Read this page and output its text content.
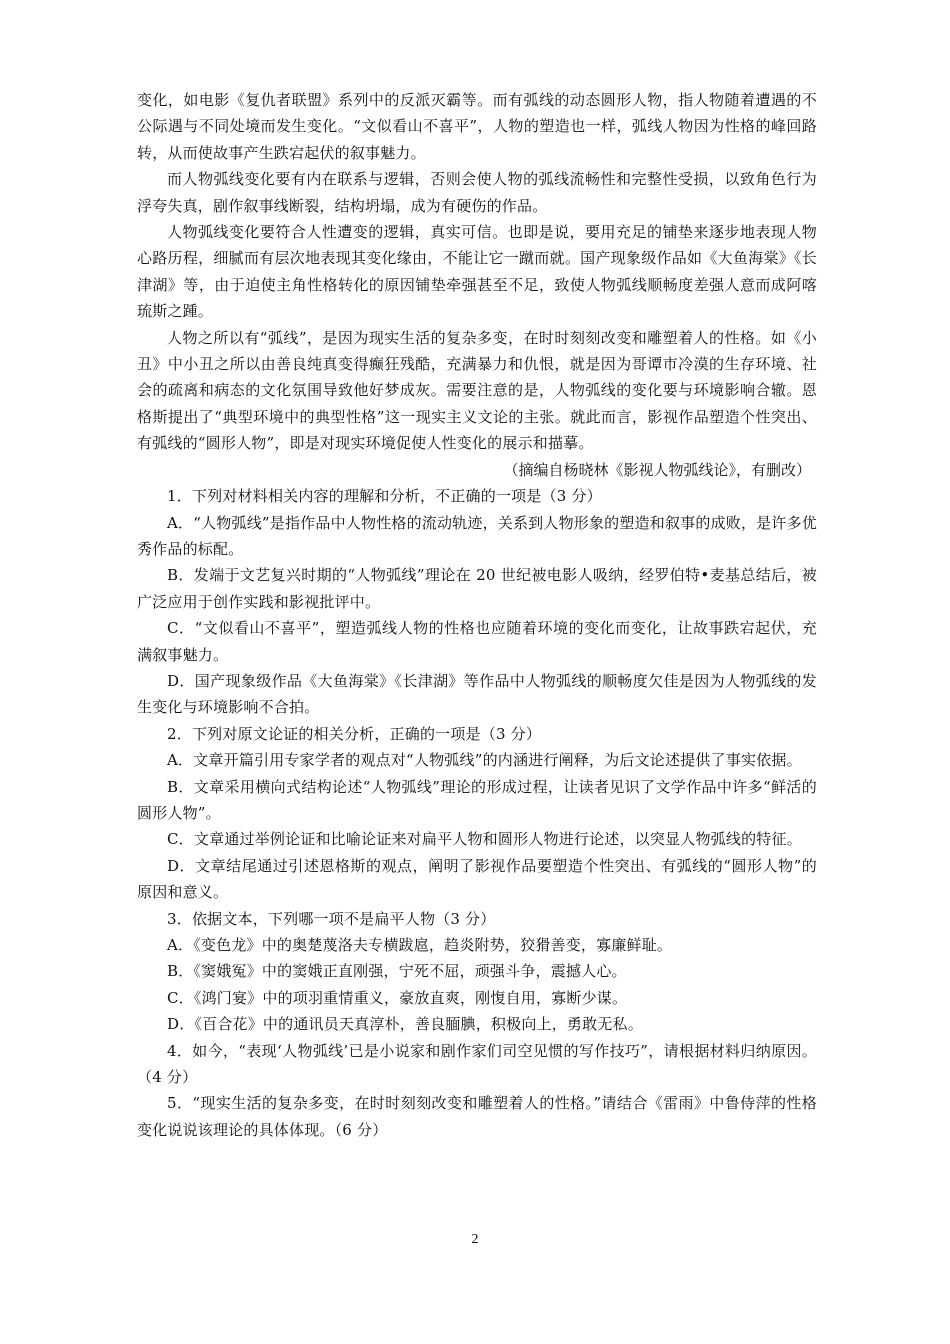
变化，如电影《复仇者联盟》系列中的反派灭霸等。而有弧线的动态圆形人物，指人物随着遭遇的不公际遇与不同处境而发生变化。“文似看山不喜平”，人物的塑造也一样，弧线人物因为性格的峰回路转，从而使故事产生跌宕起伏的叙事魅力。

而人物弧线变化要有内在联系与逻辑，否则会使人物的弧线流畅性和完整性受损，以致角色行为浮夸失真，剧作叙事线断裂，结构坍塌，成为有硬伤的作品。

人物弧线变化要符合人性遭变的逻辑，真实可信。也即是说，要用充足的铺垫来逐步地表现人物心路历程，细腻而有层次地表现其变化缘由，不能让它一蹴而就。国产现象级作品如《大鱼海棠》《长津湖》等，由于迫使主角性格转化的原因铺垫牵强甚至不足，致使人物弧线顺畅度差强人意而成阿喀琉斯之踵。

人物之所以有“弧线”，是因为现实生活的复杂多变，在时时刻刻改变和雕塑着人的性格。如《小丑》中小丑之所以由善良纯真变得癫狂残酷，充满暴力和仇恨，就是因为哥谭市冷漠的生存环境、社会的疏离和病态的文化氛围导致他好梦成灰。需要注意的是，人物弧线的变化要与环境影响合辙。恩格斯提出了“典型环境中的典型性格”这一现实主义文论的主张。就此而言，影视作品塑造个性突出、有弧线的“圆形人物”，即是对现实环境促使人性变化的展示和描摹。

（摘编自杨晓林《影视人物弧线论》，有删改）

1．下列对材料相关内容的理解和分析，不正确的一项是（3 分）

A．“人物弧线”是指作品中人物性格的流动轨迹，关系到人物形象的塑造和叙事的成败，是许多优秀作品的标配。

B．发端于文艺复兴时期的“人物弧线”理论在 20 世纪被电影人吸纳，经罗伯特•麦基总结后，被广泛应用于创作实践和影视批评中。

C．“文似看山不喜平”，塑造弧线人物的性格也应随着环境的变化而变化，让故事跌宕起伏，充满叙事魅力。

D．国产现象级作品《大鱼海棠》《长津湖》等作品中人物弧线的顺畅度欠佳是因为人物弧线的发生变化与环境影响不合拍。

2．下列对原文论证的相关分析，正确的一项是（3 分）

A．文章开篇引用专家学者的观点对“人物弧线”的内涵进行阐释，为后文论述提供了事实依据。

B．文章采用横向式结构论述“人物弧线”理论的形成过程，让读者见识了文学作品中许多“鲜活的圆形人物”。

C．文章通过举例论证和比喻论证来对扁平人物和圆形人物进行论述，以突显人物弧线的特征。

D．文章结尾通过引述恩格斯的观点，阐明了影视作品要塑造个性突出、有弧线的“圆形人物”的原因和意义。

3．依据文本，下列哪一项不是扁平人物（3 分）

A．《变色龙》中的奥楚蔑洛夫专横跋扈，趋炎附势，狡猾善变，寡廉鲜耻。

B．《窦娥冤》中的窦娥正直刚强，宁死不屈，顽强斗争，震撼人心。

C．《鸿门宴》中的项羽重情重义，豪放直爽，刚愎自用，寡断少谋。

D．《百合花》中的通讯员天真淳朴，善良腼腆，积极向上，勇敢无私。

4．如今，“表现‘人物弧线’已是小说家和剧作家们司空见惯的写作技巧”，请根据材料归纳原因。（4 分）

5．“现实生活的复杂多变，在时时刻刻改变和雕塑着人的性格。”请结合《雷雨》中鲁侍萍的性格变化说说该理论的具体体现。（6 分）

2
